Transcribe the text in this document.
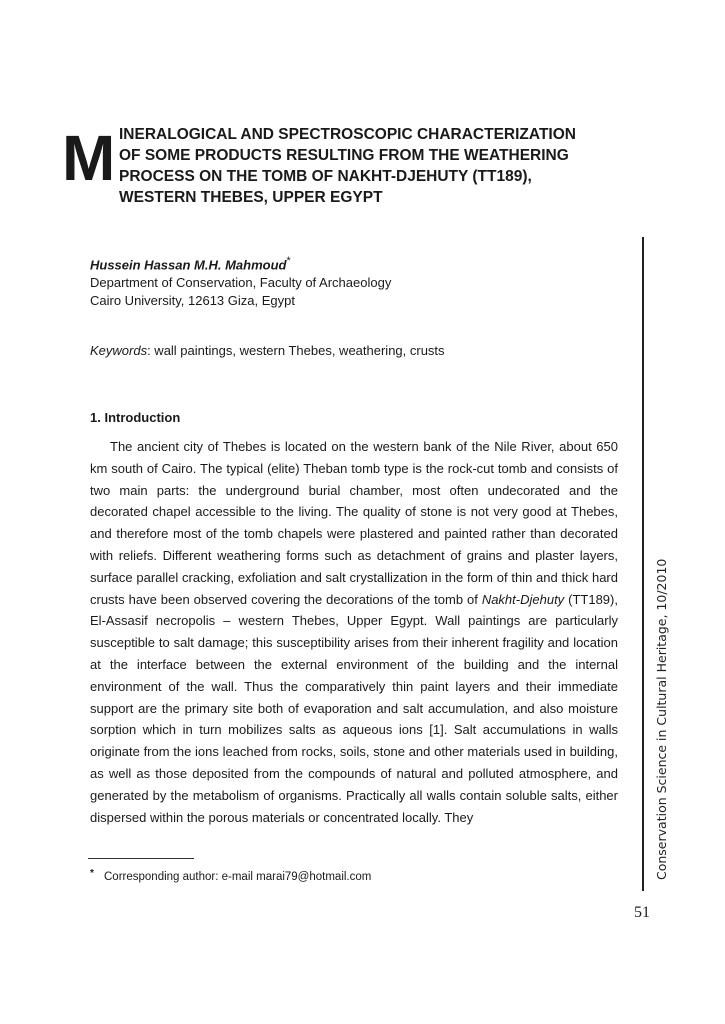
M INERALOGICAL AND SPECTROSCOPIC CHARACTERIZATION
OF SOME PRODUCTS RESULTING FROM THE WEATHERING
PROCESS ON THE TOMB OF NAKHT-DJEHUTY (TT189),
WESTERN THEBES, UPPER EGYPT
Hussein Hassan M.H. Mahmoud*
Department of Conservation, Faculty of Archaeology
Cairo University, 12613 Giza, Egypt
Keywords: wall paintings, western Thebes, weathering, crusts
1. Introduction

The ancient city of Thebes is located on the western bank of the Nile River, about 650 km south of Cairo. The typical (elite) Theban tomb type is the rock-cut tomb and consists of two main parts: the underground burial chamber, most often undecorated and the decorated chapel accessible to the living. The quality of stone is not very good at Thebes, and therefore most of the tomb chapels were plastered and painted rather than decorated with reliefs. Different weathering forms such as detachment of grains and plaster layers, surface parallel cracking, exfoliation and salt crystallization in the form of thin and thick hard crusts have been observed covering the decorations of the tomb of Nakht-Djehuty (TT189), El-Assasif necropolis – western Thebes, Upper Egypt. Wall paintings are particularly susceptible to salt damage; this susceptibility arises from their inherent fragility and location at the interface between the external environment of the building and the internal environment of the wall. Thus the comparatively thin paint layers and their immediate support are the primary site both of evaporation and salt accumulation, and also moisture sorption which in turn mobilizes salts as aqueous ions [1]. Salt accumulations in walls originate from the ions leached from rocks, soils, stone and other materials used in building, as well as those deposited from the compounds of natural and polluted atmosphere, and generated by the metabolism of organisms. Practically all walls contain soluble salts, either dispersed within the porous materials or concentrated locally. They

* Corresponding author: e-mail marai79@hotmail.com	Conservation Science in Cultural Heritage, 10/2010
51
